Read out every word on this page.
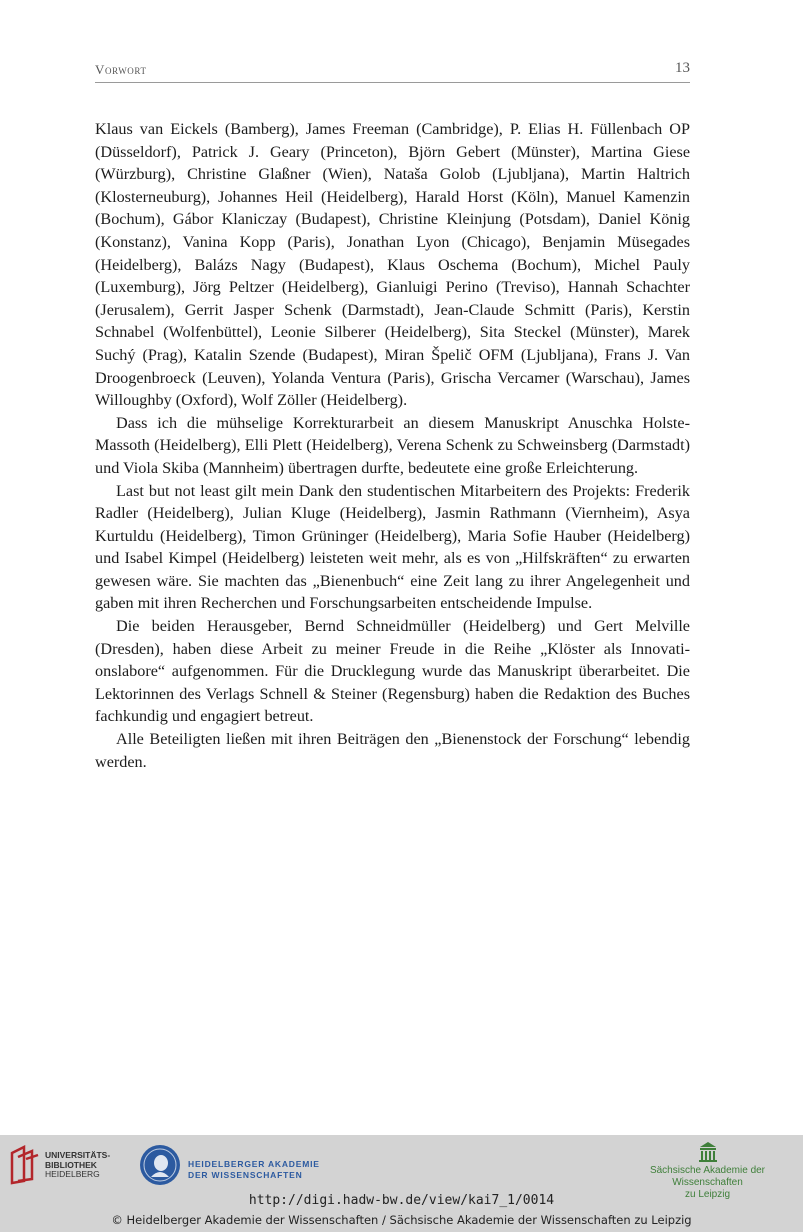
Vorwort	13

Klaus van Eickels (Bamberg), James Freeman (Cambridge), P. Elias H. Füllenbach OP (Düsseldorf), Patrick J. Geary (Princeton), Björn Gebert (Münster), Martina Giese (Würzburg), Christine Glaßner (Wien), Nataša Golob (Ljubljana), Martin Haltrich (Klosterneuburg), Johannes Heil (Heidelberg), Harald Horst (Köln), Manuel Kamenzin (Bochum), Gábor Klaniczay (Budapest), Christine Kleinjung (Potsdam), Daniel König (Konstanz), Vanina Kopp (Paris), Jonathan Lyon (Chicago), Benjamin Müsegades (Heidelberg), Balázs Nagy (Budapest), Klaus Oschema (Bochum), Michel Pauly (Luxemburg), Jörg Peltzer (Heidelberg), Gianluigi Perino (Treviso), Hannah Schachter (Jerusalem), Gerrit Jasper Schenk (Darmstadt), Jean-Claude Schmitt (Paris), Kerstin Schnabel (Wolfenbüttel), Leonie Silberer (Heidelberg), Sita Steckel (Münster), Marek Suchý (Prag), Katalin Szende (Budapest), Miran Špelič OFM (Ljubljana), Frans J. Van Droogenbroeck (Leuven), Yolanda Ventura (Paris), Grischa Vercamer (Warschau), James Willoughby (Oxford), Wolf Zöller (Heidelberg).

Dass ich die mühselige Korrekturarbeit an diesem Manuskript Anuschka Holste-Massoth (Heidelberg), Elli Plett (Heidelberg), Verena Schenk zu Schweinsberg (Darmstadt) und Viola Skiba (Mannheim) übertragen durfte, bedeutete eine große Erleichterung.

Last but not least gilt mein Dank den studentischen Mitarbeitern des Projekts: Frederik Radler (Heidelberg), Julian Kluge (Heidelberg), Jasmin Rathmann (Viernheim), Asya Kurtuldu (Heidelberg), Timon Grüninger (Heidelberg), Maria Sofie Hauber (Heidelberg) und Isabel Kimpel (Heidelberg) leisteten weit mehr, als es von „Hilfskräften“ zu erwarten gewesen wäre. Sie machten das „Bienenbuch“ eine Zeit lang zu ihrer Angelegenheit und gaben mit ihren Recherchen und Forschungsarbeiten entscheidende Impulse.

Die beiden Herausgeber, Bernd Schneidmüller (Heidelberg) und Gert Melville (Dresden), haben diese Arbeit zu meiner Freude in die Reihe „Klöster als Innovationslabore“ aufgenommen. Für die Drucklegung wurde das Manuskript überarbeitet. Die Lektorinnen des Verlags Schnell & Steiner (Regensburg) haben die Redaktion des Buches fachkundig und engagiert betreut.

Alle Beteiligten ließen mit ihren Beiträgen den „Bienenstock der Forschung“ lebendig werden.

UNIVERSITÄTS-
BIBLIOTHEK
HEIDELBERG
HEIDELBERGER AKADEMIE
DER WISSENSCHAFTEN	Sächsische Akademie der Wissenschaften
zu Leipzig
http://digi.hadw-bw.de/view/kai7_1/0014
© Heidelberger Akademie der Wissenschaften / Sächsische Akademie der Wissenschaften zu Leipzig
